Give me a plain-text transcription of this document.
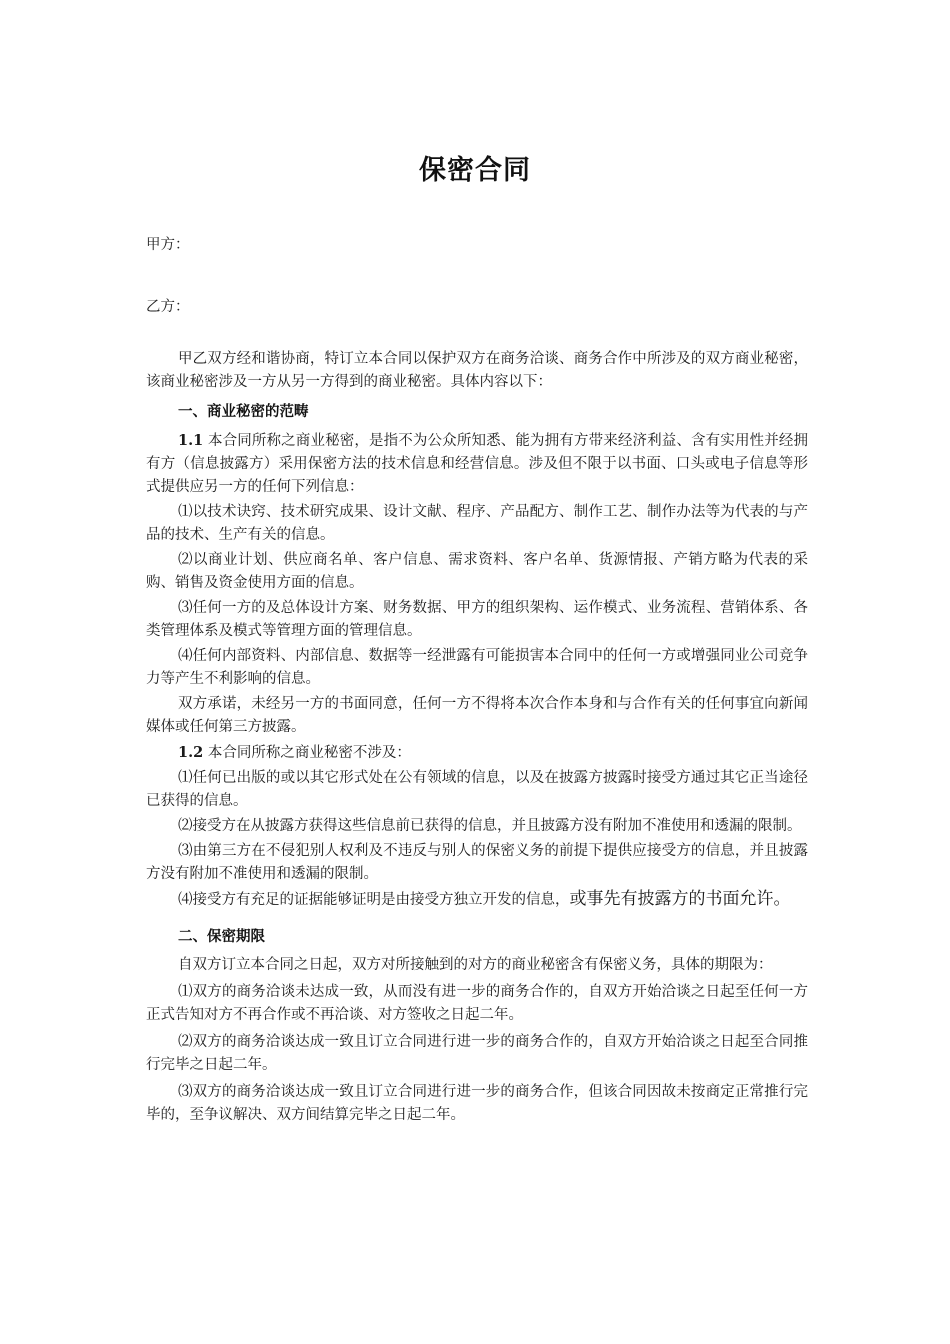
保密合同
甲方：
乙方：

甲乙双方经和谐协商，特订立本合同以保护双方在商务洽谈、商务合作中所涉及的双方商业秘密，该商业秘密涉及一方从另一方得到的商业秘密。具体内容以下：

一、商业秘密的范畴

1.1 本合同所称之商业秘密，是指不为公众所知悉、能为拥有方带来经济利益、含有实用性并经拥有方（信息披露方）采用保密方法的技术信息和经营信息。涉及但不限于以书面、口头或电子信息等形式提供应另一方的任何下列信息：

⑴以技术诀窍、技术研究成果、设计文献、程序、产品配方、制作工艺、制作办法等为代表的与产品的技术、生产有关的信息。

⑵以商业计划、供应商名单、客户信息、需求资料、客户名单、货源情报、产销方略为代表的采购、销售及资金使用方面的信息。

⑶任何一方的及总体设计方案、财务数据、甲方的组织架构、运作模式、业务流程、营销体系、各类管理体系及模式等管理方面的管理信息。

⑷任何内部资料、内部信息、数据等一经泄露有可能损害本合同中的任何一方或增强同业公司竞争力等产生不利影响的信息。

双方承诺，未经另一方的书面同意，任何一方不得将本次合作本身和与合作有关的任何事宜向新闻媒体或任何第三方披露。

1.2 本合同所称之商业秘密不涉及：

⑴任何已出版的或以其它形式处在公有领域的信息，以及在披露方披露时接受方通过其它正当途径已获得的信息。

⑵接受方在从披露方获得这些信息前已获得的信息，并且披露方没有附加不准使用和透漏的限制。

⑶由第三方在不侵犯别人权利及不违反与别人的保密义务的前提下提供应接受方的信息，并且披露方没有附加不准使用和透漏的限制。

⑷接受方有充足的证据能够证明是由接受方独立开发的信息，或事先有披露方的书面允许。

二、保密期限

自双方订立本合同之日起，双方对所接触到的对方的商业秘密含有保密义务，具体的期限为：

⑴双方的商务洽谈未达成一致，从而没有进一步的商务合作的，自双方开始洽谈之日起至任何一方正式告知对方不再合作或不再洽谈、对方签收之日起二年。

⑵双方的商务洽谈达成一致且订立合同进行进一步的商务合作的，自双方开始洽谈之日起至合同推行完毕之日起二年。

⑶双方的商务洽谈达成一致且订立合同进行进一步的商务合作，但该合同因故未按商定正常推行完毕的，至争议解决、双方间结算完毕之日起二年。
